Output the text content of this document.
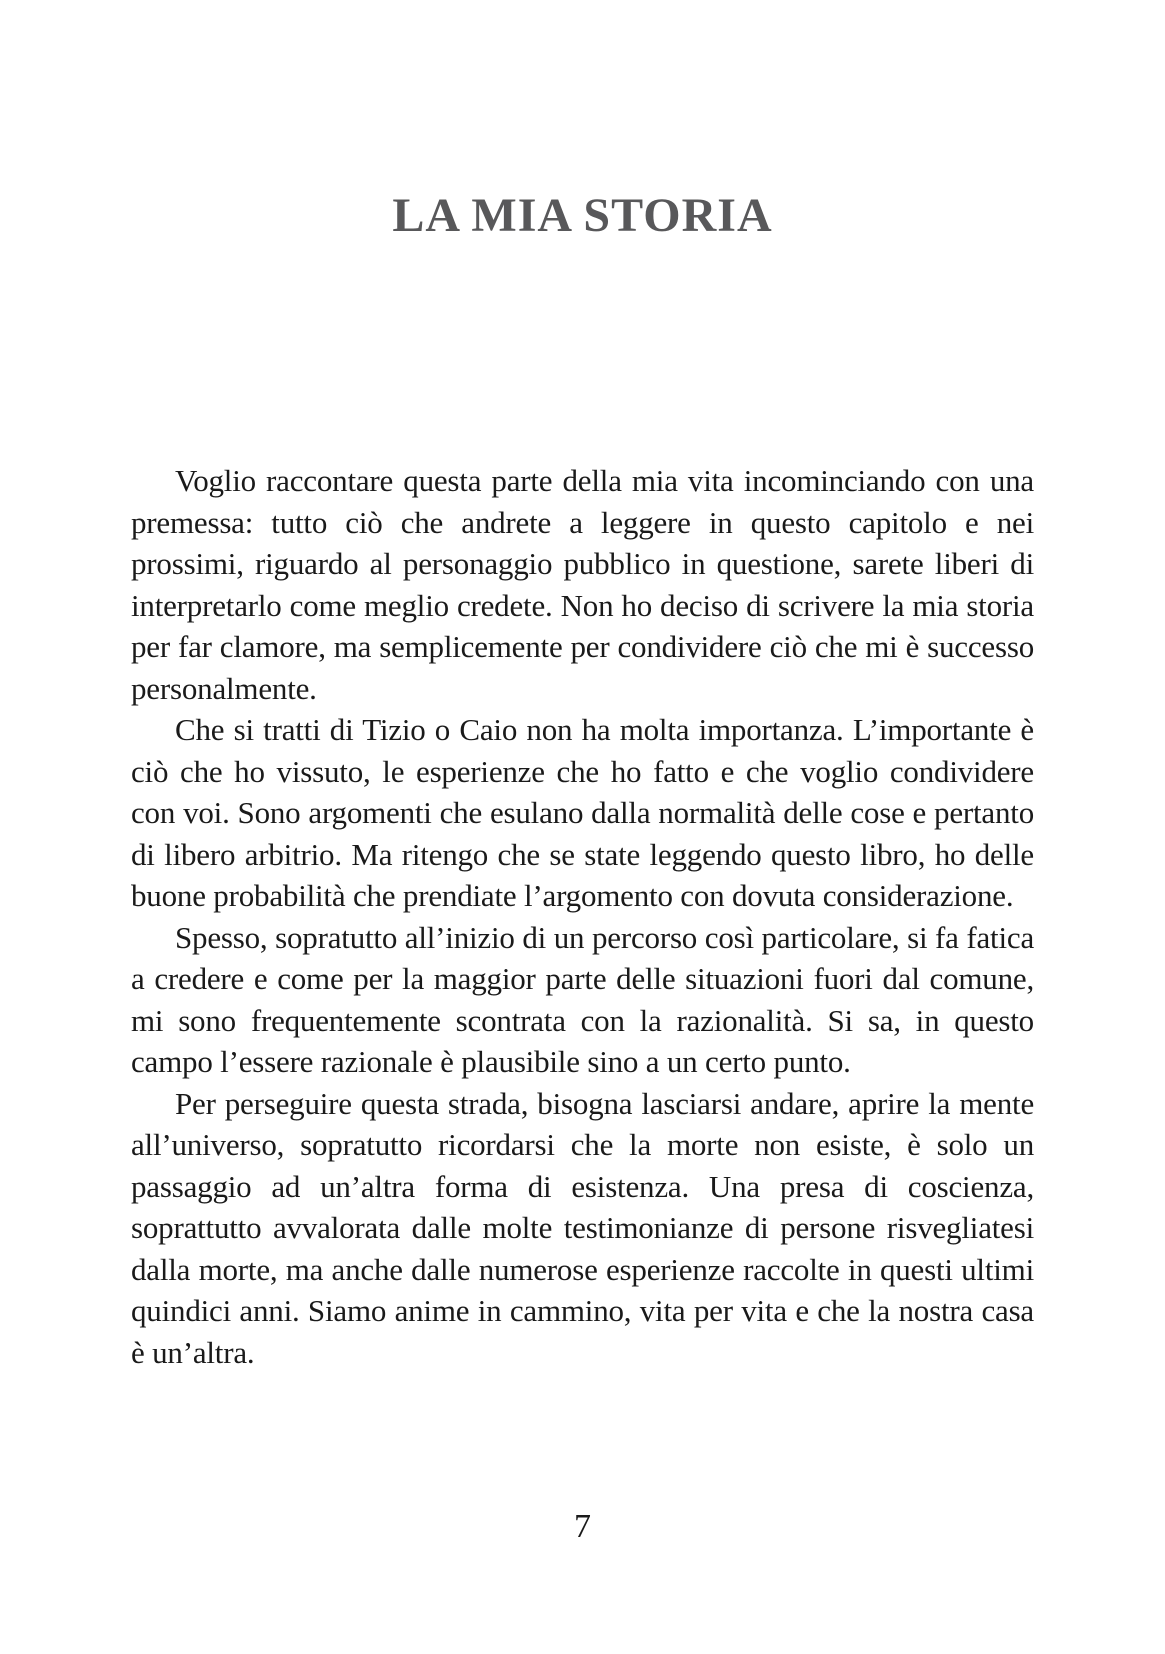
LA MIA STORIA

Voglio raccontare questa parte della mia vita incominciando con una premessa: tutto ciò che andrete a leggere in questo capitolo e nei prossimi, riguardo al personaggio pubblico in questione, sarete liberi di interpretarlo come meglio credete. Non ho deciso di scrivere la mia storia per far clamore, ma semplicemente per condividere ciò che mi è successo personalmente.

Che si tratti di Tizio o Caio non ha molta importanza. L’importante è ciò che ho vissuto, le esperienze che ho fatto e che voglio condividere con voi. Sono argomenti che esulano dalla normalità delle cose e pertanto di libero arbitrio. Ma ritengo che se state leggendo questo libro, ho delle buone probabilità che prendiate l’argomento con dovuta considerazione.

Spesso, sopratutto all’inizio di un percorso così particolare, si fa fatica a credere e come per la maggior parte delle situazioni fuori dal comune, mi sono frequentemente scontrata con la razionalità. Si sa, in questo campo l’essere razionale è plausibile sino a un certo punto.

Per perseguire questa strada, bisogna lasciarsi andare, aprire la mente all’universo, sopratutto ricordarsi che la morte non esiste, è solo un passaggio ad un’altra forma di esistenza. Una presa di coscienza, soprattutto avvalorata dalle molte testimonianze di persone risvegliatesi dalla morte, ma anche dalle numerose esperienze raccolte in questi ultimi quindici anni. Siamo anime in cammino, vita per vita e che la nostra casa è un’altra.

7
